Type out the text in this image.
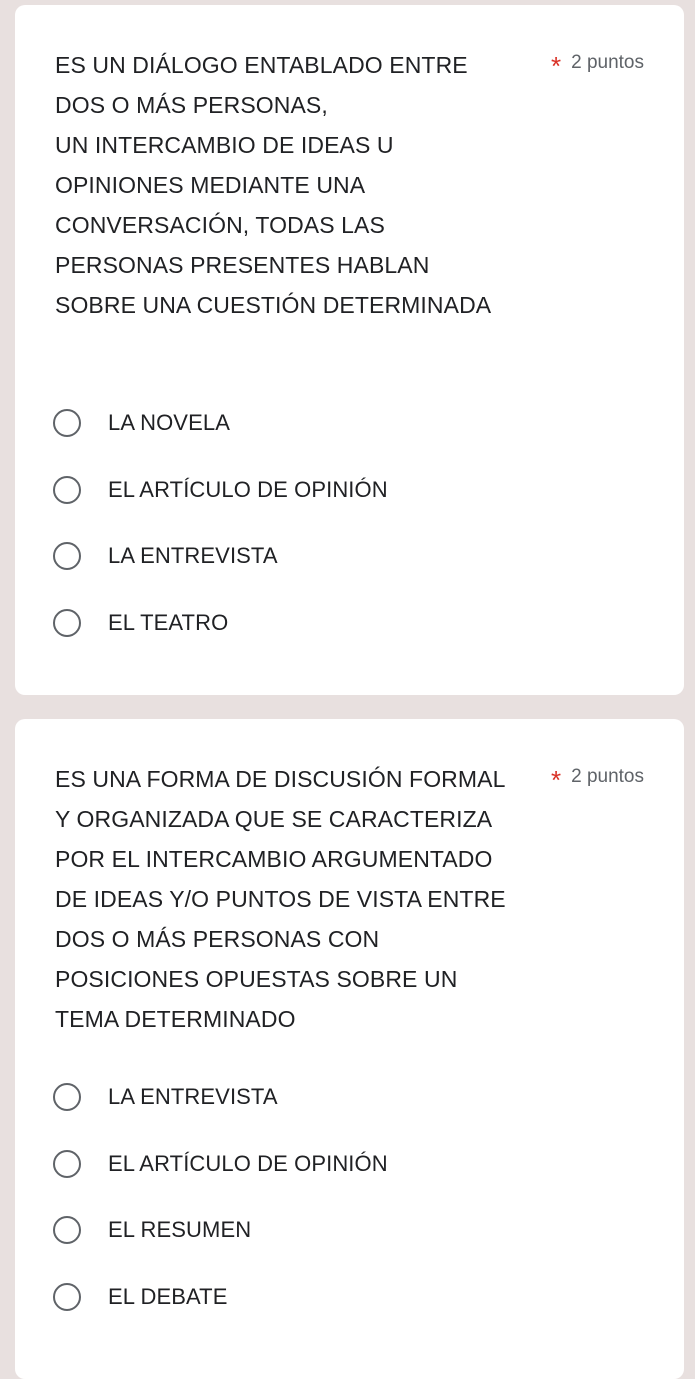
ES UN DIÁLOGO ENTABLADO ENTRE
DOS O MÁS PERSONAS,
UN INTERCAMBIO DE IDEAS U
OPINIONES MEDIANTE UNA
CONVERSACIÓN, TODAS LAS
PERSONAS PRESENTES HABLAN
SOBRE UNA CUESTIÓN DETERMINADA
* 2 puntos
LA NOVELA
EL ARTÍCULO DE OPINIÓN
LA ENTREVISTA
EL TEATRO
ES UNA FORMA DE DISCUSIÓN FORMAL
Y ORGANIZADA QUE SE CARACTERIZA
POR EL INTERCAMBIO ARGUMENTADO
DE IDEAS Y/O PUNTOS DE VISTA ENTRE
DOS O MÁS PERSONAS CON
POSICIONES OPUESTAS SOBRE UN
TEMA DETERMINADO
* 2 puntos
LA ENTREVISTA
EL ARTÍCULO DE OPINIÓN
EL RESUMEN
EL DEBATE
